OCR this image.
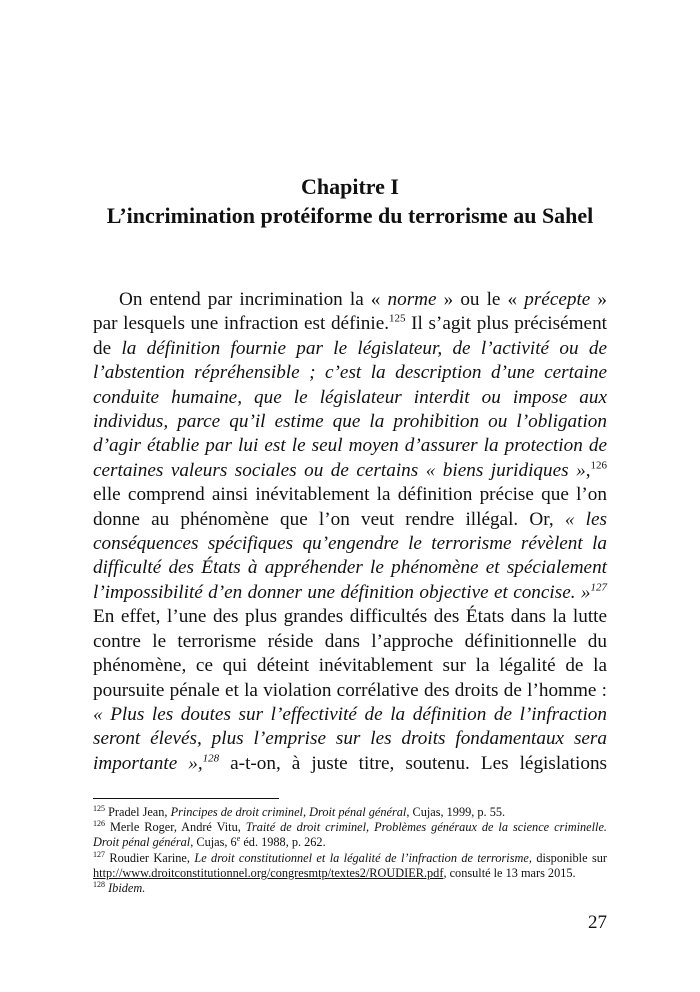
Chapitre I
L’incrimination protéiforme du terrorisme au Sahel

On entend par incrimination la « norme » ou le « précepte » par lesquels une infraction est définie.$^{125}$ Il s’agit plus précisément de la définition fournie par le législateur, de l’activité ou de l’abstention répréhensible ; c’est la description d’une certaine conduite humaine, que le législateur interdit ou impose aux individus, parce qu’il estime que la prohibition ou l’obligation d’agir établie par lui est le seul moyen d’assurer la protection de certaines valeurs sociales ou de certains « biens juridiques »,$^{126}$ elle comprend ainsi inévitablement la définition précise que l’on donne au phénomène que l’on veut rendre illégal. Or, « les conséquences spécifiques qu’engendre le terrorisme révèlent la difficulté des États à appréhender le phénomène et spécialement l’impossibilité d’en donner une définition objective et concise. »$^{127}$ En effet, l’une des plus grandes difficultés des États dans la lutte contre le terrorisme réside dans l’approche définitionnelle du phénomène, ce qui déteint inévitablement sur la légalité de la poursuite pénale et la violation corrélative des droits de l’homme : « Plus les doutes sur l’effectivité de la définition de l’infraction seront élevés, plus l’emprise sur les droits fondamentaux sera importante »,$^{128}$ a-t-on, à juste titre, soutenu. Les législations

$^{125}$ Pradel Jean, Principes de droit criminel, Droit pénal général, Cujas, 1999, p. 55.

$^{126}$ Merle Roger, André Vitu, Traité de droit criminel, Problèmes généraux de la science criminelle. Droit pénal général, Cujas, 6e éd. 1988, p. 262.

$^{127}$ Roudier Karine, Le droit constitutionnel et la légalité de l’infraction de terrorisme, disponible sur http://www.droitconstitutionnel.org/congresmtp/textes2/ROUDIER.pdf, consulté le 13 mars 2015.

$^{128}$ Ibidem.

27
